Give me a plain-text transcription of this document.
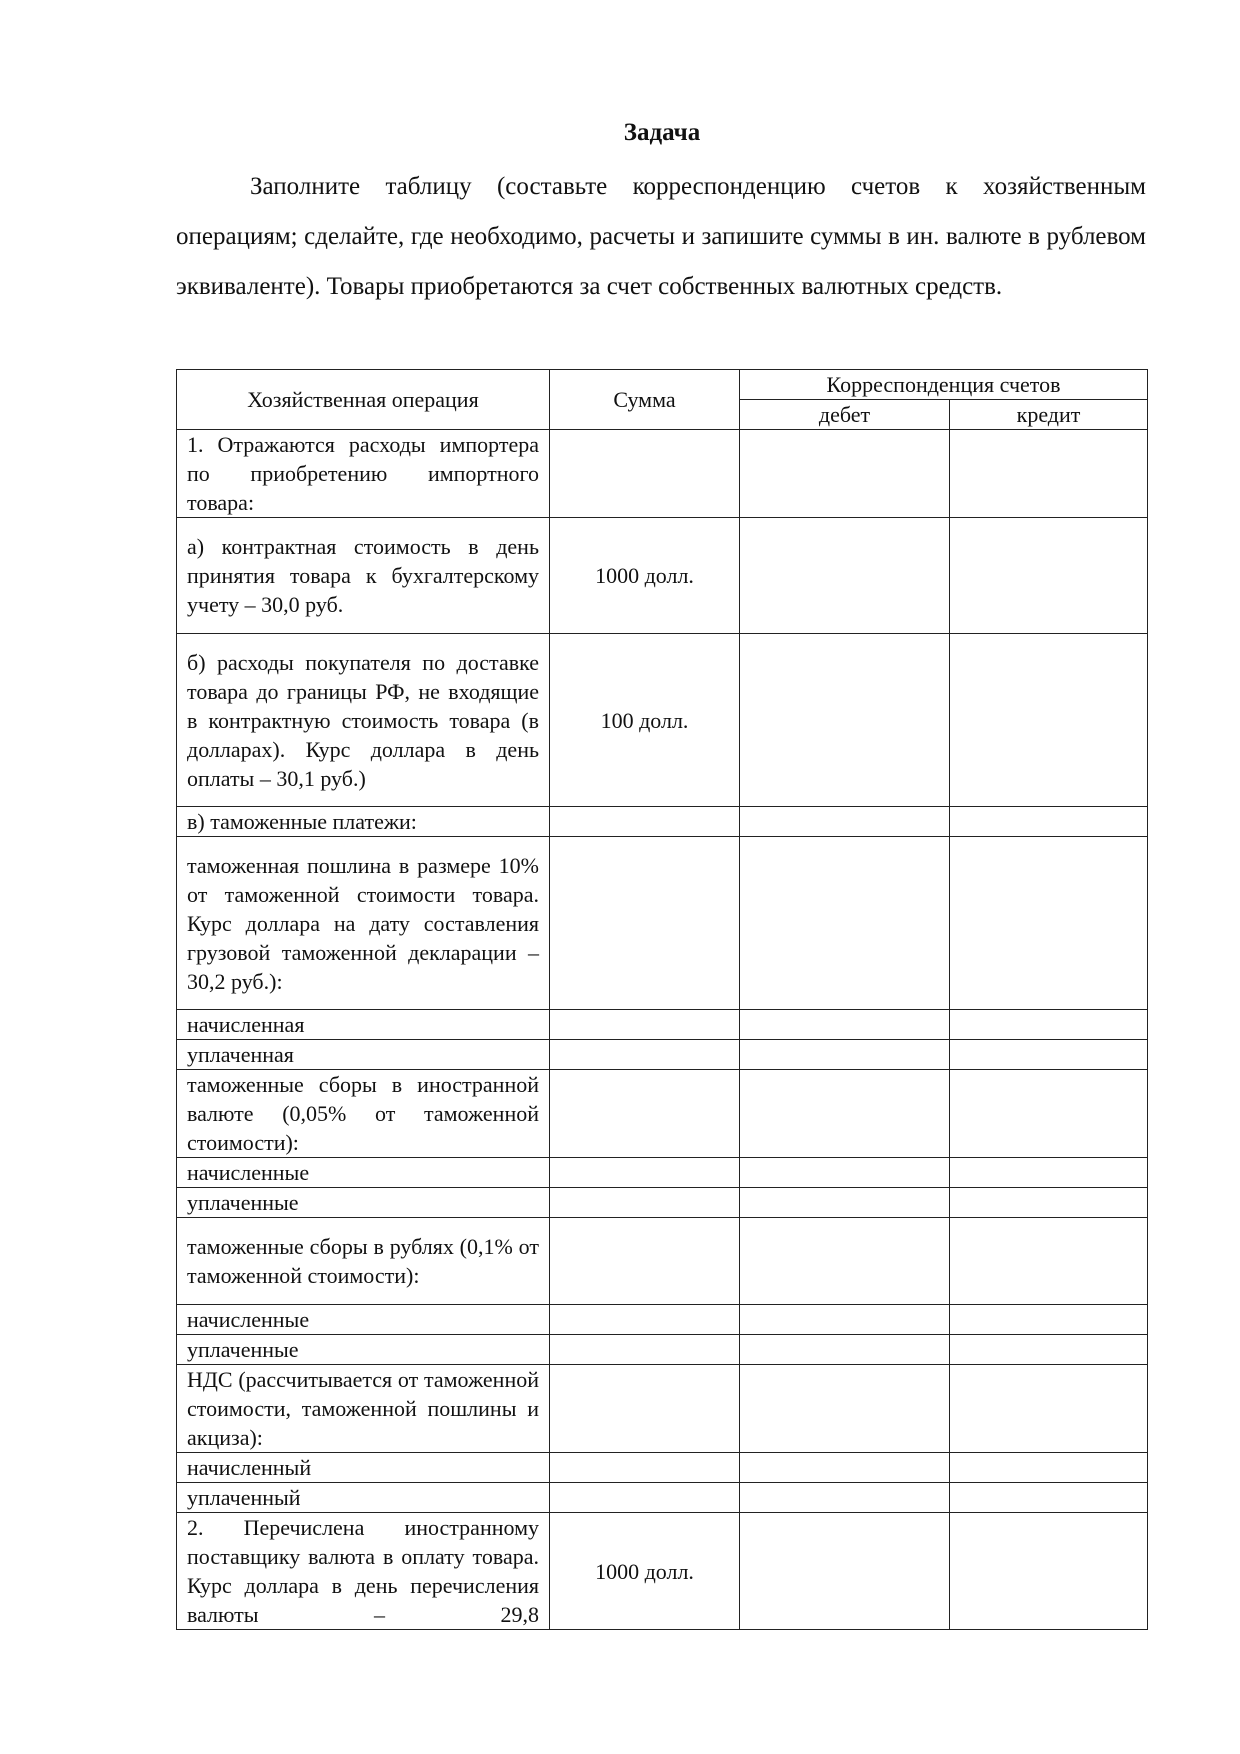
Задача

Заполните таблицу (составьте корреспонденцию счетов к хозяйственным операциям; сделайте, где необходимо, расчеты и запишите суммы в ин. валюте в рублевом эквиваленте). Товары приобретаются за счет собственных валютных средств.

Хозяйственная операция	Сумма	Корреспонденция счетов	
		дебет	кредит
1. Отражаются расходы импортера по приобретению импортного товара:			
а) контрактная стоимость в день принятия товара к бухгалтерскому учету – 30,0 руб.	1000 долл.		
б) расходы покупателя по доставке товара до границы РФ, не входящие в контрактную стоимость товара (в долларах). Курс доллара в день оплаты – 30,1 руб.)	100 долл.		
в) таможенные платежи:			
таможенная пошлина в размере 10% от таможенной стоимости товара. Курс доллара на дату составления грузовой таможенной декларации – 30,2 руб.):			
начисленная			
уплаченная			
таможенные сборы в иностранной валюте (0,05% от таможенной стоимости):			
начисленные			
уплаченные			
таможенные сборы в рублях (0,1% от таможенной стоимости):			
начисленные			
уплаченные			
НДС (рассчитывается от таможенной стоимости, таможенной пошлины и акциза):			
начисленный			
уплаченный			
2. Перечислена иностранному поставщику валюта в оплату товара. Курс доллара в день перечисления валюты – 29,8	1000 долл.		
